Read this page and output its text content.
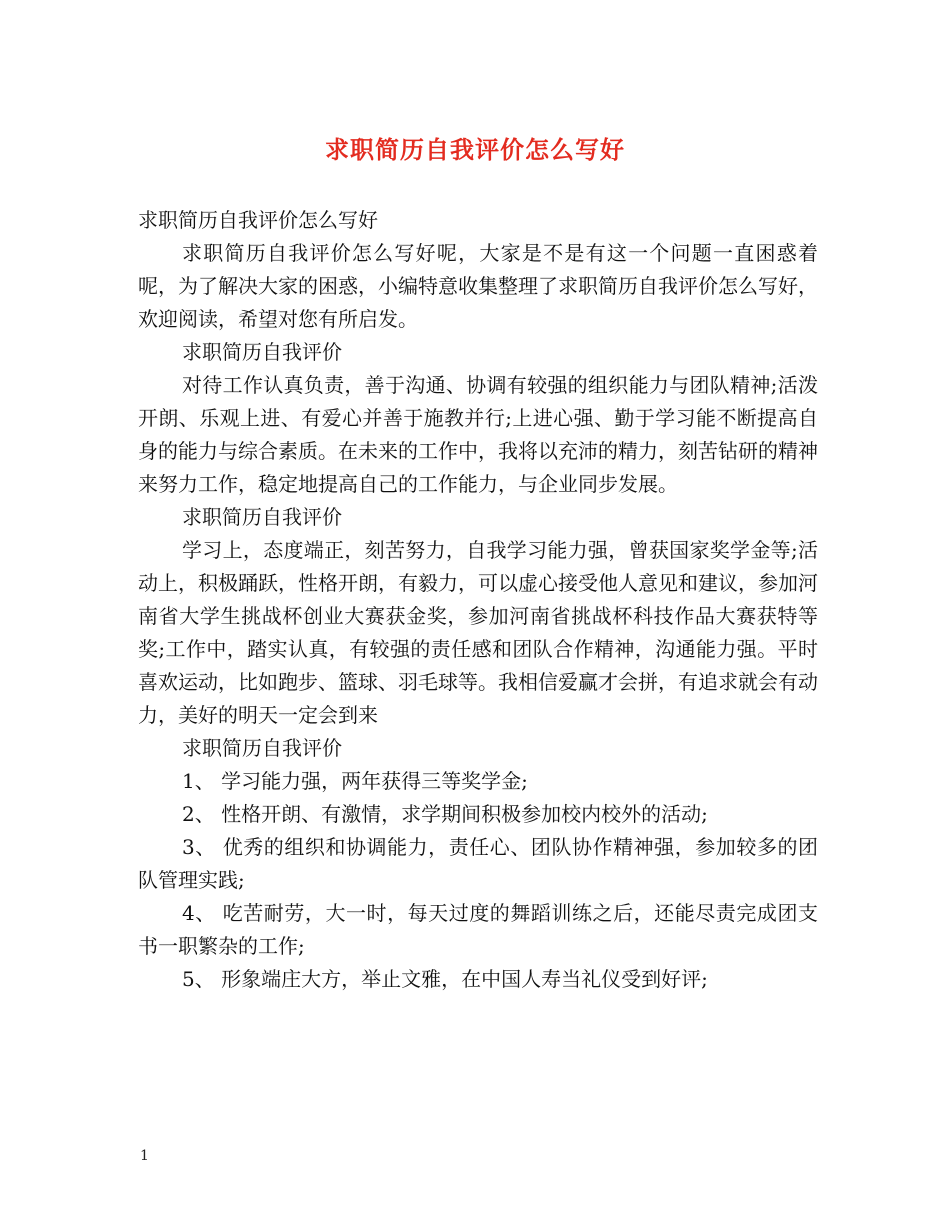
求职简历自我评价怎么写好

求职简历自我评价怎么写好

求职简历自我评价怎么写好呢，大家是不是有这一个问题一直困惑着呢，为了解决大家的困惑，小编特意收集整理了求职简历自我评价怎么写好，欢迎阅读，希望对您有所启发。

求职简历自我评价

对待工作认真负责，善于沟通、协调有较强的组织能力与团队精神;活泼开朗、乐观上进、有爱心并善于施教并行;上进心强、勤于学习能不断提高自身的能力与综合素质。在未来的工作中，我将以充沛的精力，刻苦钻研的精神来努力工作，稳定地提高自己的工作能力，与企业同步发展。

求职简历自我评价

学习上，态度端正，刻苦努力，自我学习能力强，曾获国家奖学金等;活动上，积极踊跃，性格开朗，有毅力，可以虚心接受他人意见和建议，参加河南省大学生挑战杯创业大赛获金奖，参加河南省挑战杯科技作品大赛获特等奖;工作中，踏实认真，有较强的责任感和团队合作精神，沟通能力强。平时喜欢运动，比如跑步、篮球、羽毛球等。我相信爱赢才会拼，有追求就会有动力，美好的明天一定会到来

求职简历自我评价

1、 学习能力强，两年获得三等奖学金;

2、 性格开朗、有激情，求学期间积极参加校内校外的活动;

3、 优秀的组织和协调能力，责任心、团队协作精神强，参加较多的团队管理实践;

4、 吃苦耐劳，大一时，每天过度的舞蹈训练之后，还能尽责完成团支书一职繁杂的工作;

5、 形象端庄大方，举止文雅，在中国人寿当礼仪受到好评;

1
